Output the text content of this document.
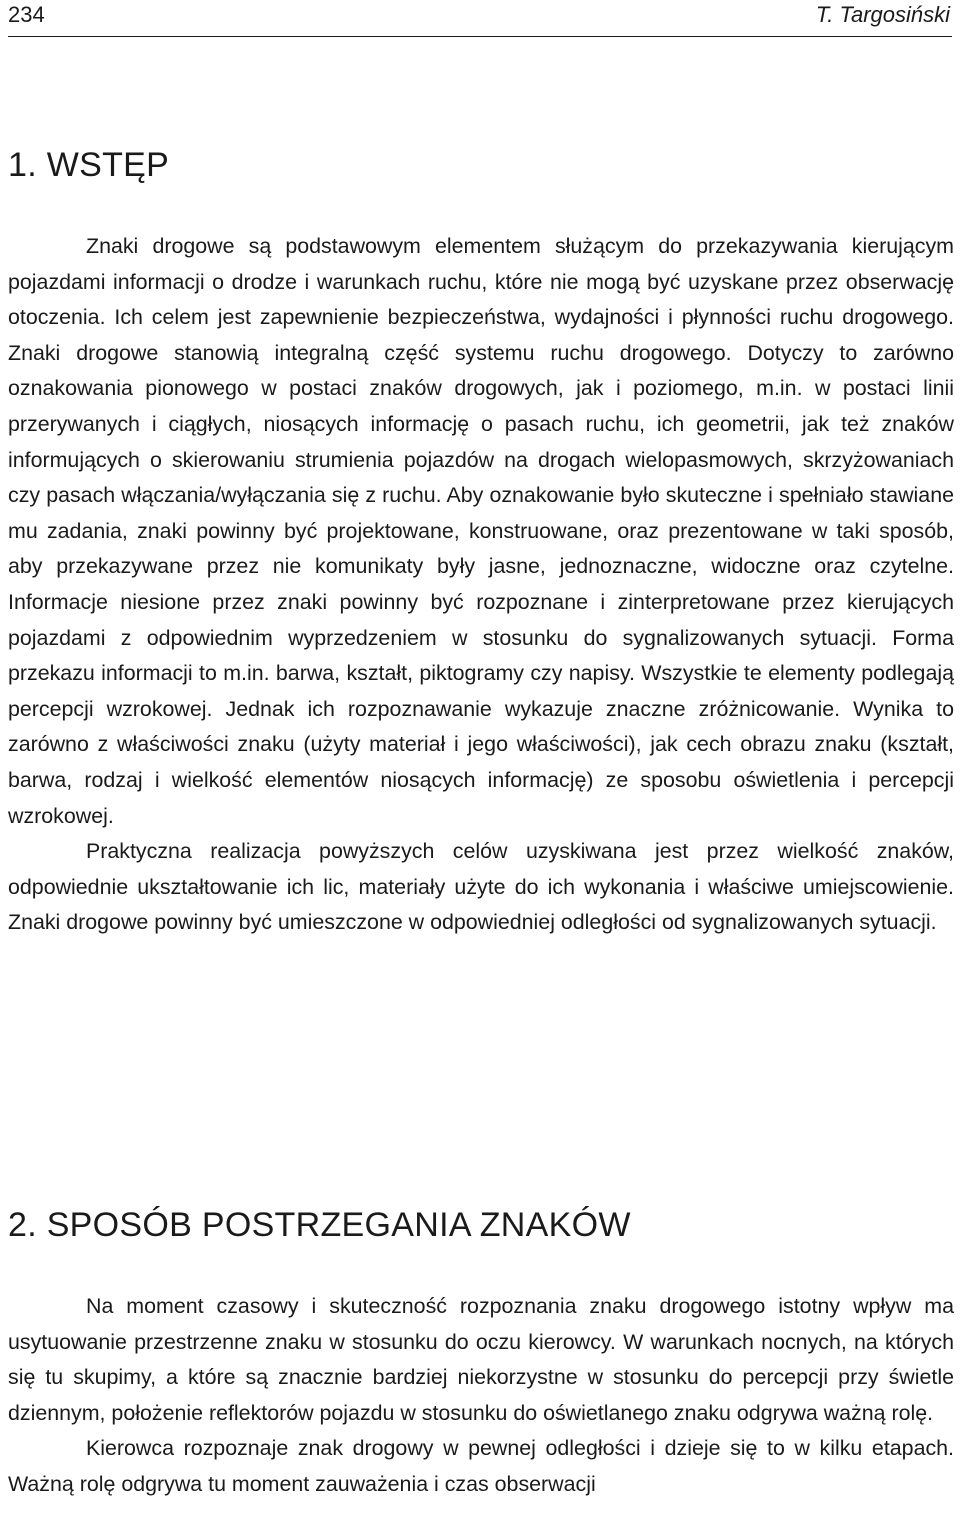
234	T. Targosiński
1. WSTĘP

Znaki drogowe są podstawowym elementem służącym do przekazywania kierującym pojazdami informacji o drodze i warunkach ruchu, które nie mogą być uzyskane przez obserwację otoczenia. Ich celem jest zapewnienie bezpieczeństwa, wydajności i płynności ruchu drogowego. Znaki drogowe stanowią integralną część systemu ruchu drogowego. Dotyczy to zarówno oznakowania pionowego w postaci znaków drogowych, jak i poziomego, m.in. w postaci linii przerywanych i ciągłych, niosących informację o pasach ruchu, ich geometrii, jak też znaków informujących o skierowaniu strumienia pojazdów na drogach wielopasmowych, skrzyżowaniach czy pasach włączania/wyłączania się z ruchu. Aby oznakowanie było skuteczne i spełniało stawiane mu zadania, znaki powinny być projektowane, konstruowane, oraz prezentowane w taki sposób, aby przekazywane przez nie komunikaty były jasne, jednoznaczne, widoczne oraz czytelne. Informacje niesione przez znaki powinny być rozpoznane i zinterpretowane przez kierujących pojazdami z odpowiednim wyprzedzeniem w stosunku do sygnalizowanych sytuacji. Forma przekazu informacji to m.in. barwa, kształt, piktogramy czy napisy. Wszystkie te elementy podlegają percepcji wzrokowej. Jednak ich rozpoznawanie wykazuje znaczne zróżnicowanie. Wynika to zarówno z właściwości znaku (użyty materiał i jego właściwości), jak cech obrazu znaku (kształt, barwa, rodzaj i wielkość elementów niosących informację) ze sposobu oświetlenia i percepcji wzrokowej.

Praktyczna realizacja powyższych celów uzyskiwana jest przez wielkość znaków, odpowiednie ukształtowanie ich lic, materiały użyte do ich wykonania i właściwe umiejscowienie. Znaki drogowe powinny być umieszczone w odpowiedniej odległości od sygnalizowanych sytuacji.

2. SPOSÓB POSTRZEGANIA ZNAKÓW

Na moment czasowy i skuteczność rozpoznania znaku drogowego istotny wpływ ma usytuowanie przestrzenne znaku w stosunku do oczu kierowcy. W warunkach nocnych, na których się tu skupimy, a które są znacznie bardziej niekorzystne w stosunku do percepcji przy świetle dziennym, położenie reflektorów pojazdu w stosunku do oświetlanego znaku odgrywa ważną rolę.

Kierowca rozpoznaje znak drogowy w pewnej odległości i dzieje się to w kilku etapach. Ważną rolę odgrywa tu moment zauważenia i czas obserwacji
